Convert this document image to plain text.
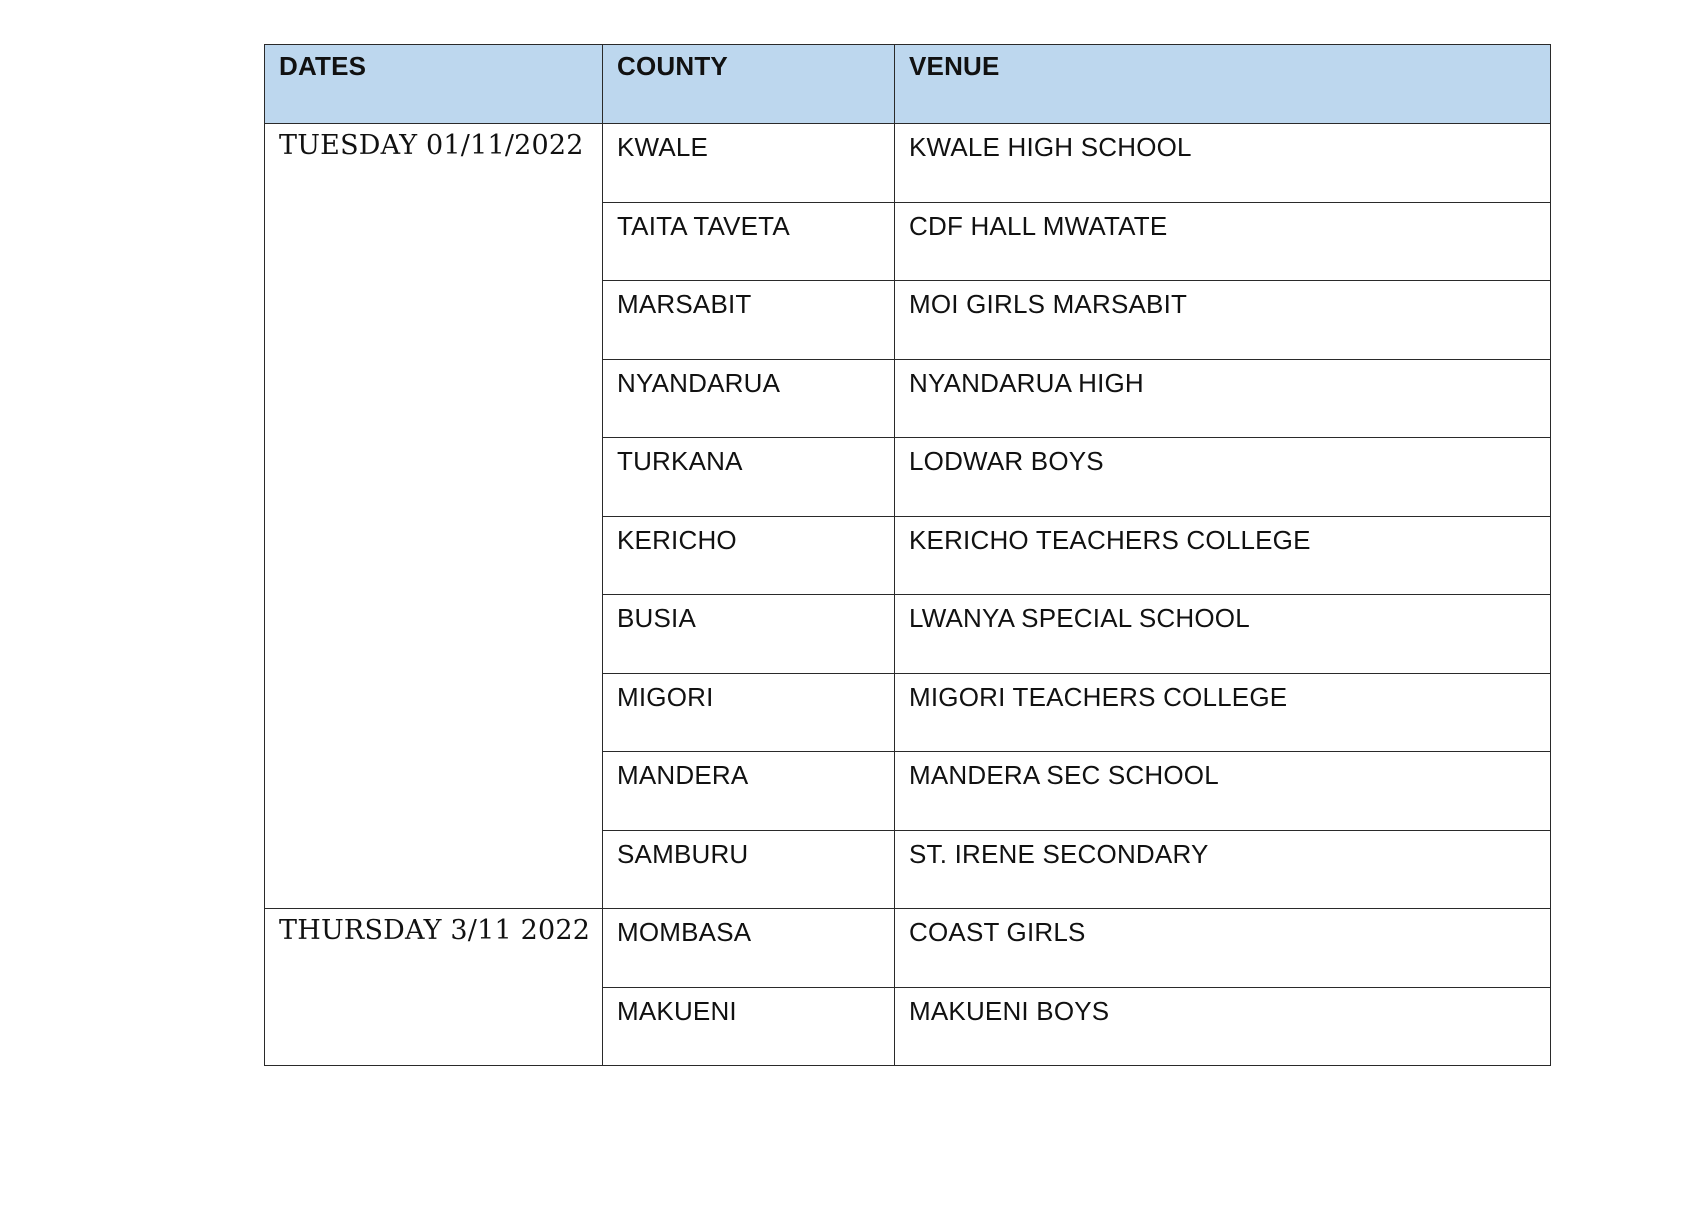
DATES	COUNTY	VENUE
TUESDAY 01/11/2022	KWALE	KWALE HIGH SCHOOL
	TAITA TAVETA	CDF HALL MWATATE
	MARSABIT	MOI GIRLS MARSABIT
	NYANDARUA	NYANDARUA HIGH
	TURKANA	LODWAR BOYS
	KERICHO	KERICHO TEACHERS COLLEGE
	BUSIA	LWANYA SPECIAL SCHOOL
	MIGORI	MIGORI TEACHERS COLLEGE
	MANDERA	MANDERA SEC SCHOOL
	SAMBURU	ST. IRENE SECONDARY
THURSDAY 3/11 2022	MOMBASA	COAST GIRLS
	MAKUENI	MAKUENI BOYS
